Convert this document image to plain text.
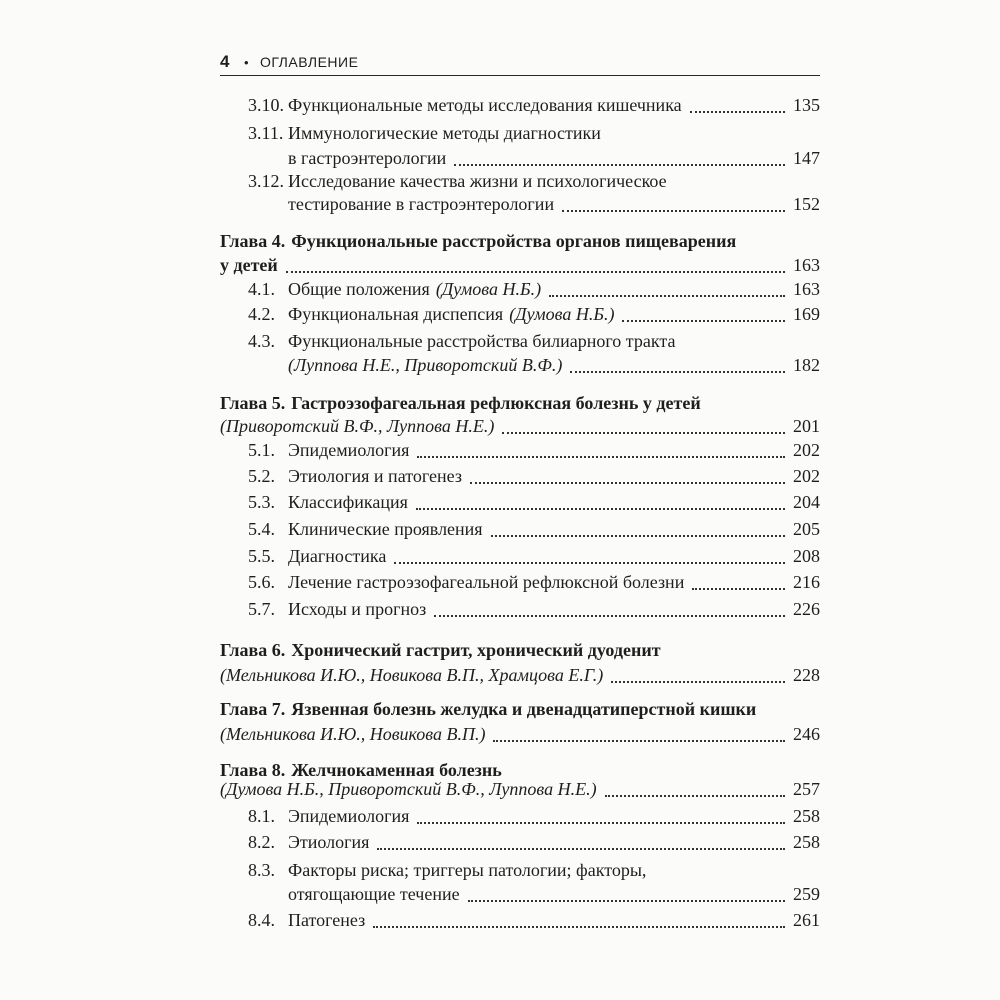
4 • ОГЛАВЛЕНИЕ
3.10. Функциональные методы исследования кишечника	135
3.11. Иммунологические методы диагностики
в гастроэнтерологии	147
3.12. Исследование качества жизни и психологическое
тестирование в гастроэнтерологии	152
Глава 4. Функциональные расстройства органов пищеварения
у детей	163
4.1. Общие положения (Думова Н.Б.)	163
4.2. Функциональная диспепсия (Думова Н.Б.)	169
4.3. Функциональные расстройства билиарного тракта
(Луппова Н.Е., Приворотский В.Ф.)	182
Глава 5. Гастроэзофагеальная рефлюксная болезнь у детей
(Приворотский В.Ф., Луппова Н.Е.)	201
5.1. Эпидемиология	202
5.2. Этиология и патогенез	202
5.3. Классификация	204
5.4. Клинические проявления	205
5.5. Диагностика	208
5.6. Лечение гастроэзофагеальной рефлюксной болезни	216
5.7. Исходы и прогноз	226
Глава 6. Хронический гастрит, хронический дуоденит
(Мельникова И.Ю., Новикова В.П., Храмцова Е.Г.)	228
Глава 7. Язвенная болезнь желудка и двенадцатиперстной кишки
(Мельникова И.Ю., Новикова В.П.)	246
Глава 8. Желчнокаменная болезнь
(Думова Н.Б., Приворотский В.Ф., Луппова Н.Е.)	257
8.1. Эпидемиология	258
8.2. Этиология	258
8.3. Факторы риска; триггеры патологии; факторы,
отягощающие течение	259
8.4. Патогенез	261
